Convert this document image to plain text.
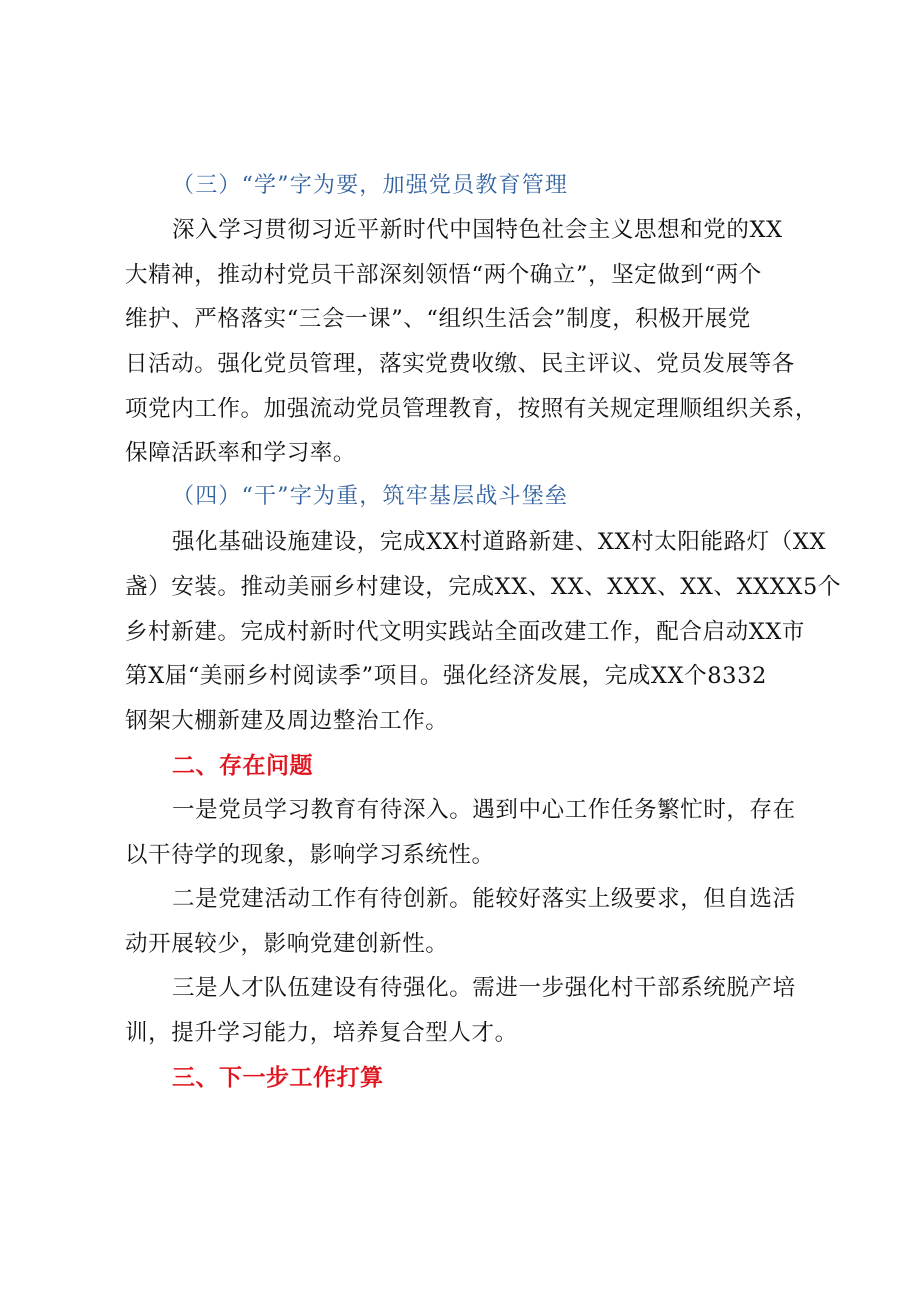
（三）“学”字为要，加强党员教育管理
深入学习贯彻习近平新时代中国特色社会主义思想和党的XX
大精神，推动村党员干部深刻领悟“两个确立”，坚定做到“两个
维护、严格落实“三会一课”、“组织生活会”制度，积极开展党
日活动。强化党员管理，落实党费收缴、民主评议、党员发展等各
项党内工作。加强流动党员管理教育，按照有关规定理顺组织关系，
保障活跃率和学习率。
（四）“干”字为重，筑牢基层战斗堡垒
强化基础设施建设，完成XX村道路新建、XX村太阳能路灯（XX
盏）安装。推动美丽乡村建设，完成XX、XX、XXX、XX、XXXX5个
乡村新建。完成村新时代文明实践站全面改建工作，配合启动XX市
第X届“美丽乡村阅读季”项目。强化经济发展，完成XX个8332
钢架大棚新建及周边整治工作。
二、存在问题
一是党员学习教育有待深入。遇到中心工作任务繁忙时，存在
以干待学的现象，影响学习系统性。
二是党建活动工作有待创新。能较好落实上级要求，但自选活
动开展较少，影响党建创新性。
三是人才队伍建设有待强化。需进一步强化村干部系统脱产培
训，提升学习能力，培养复合型人才。
三、下一步工作打算
